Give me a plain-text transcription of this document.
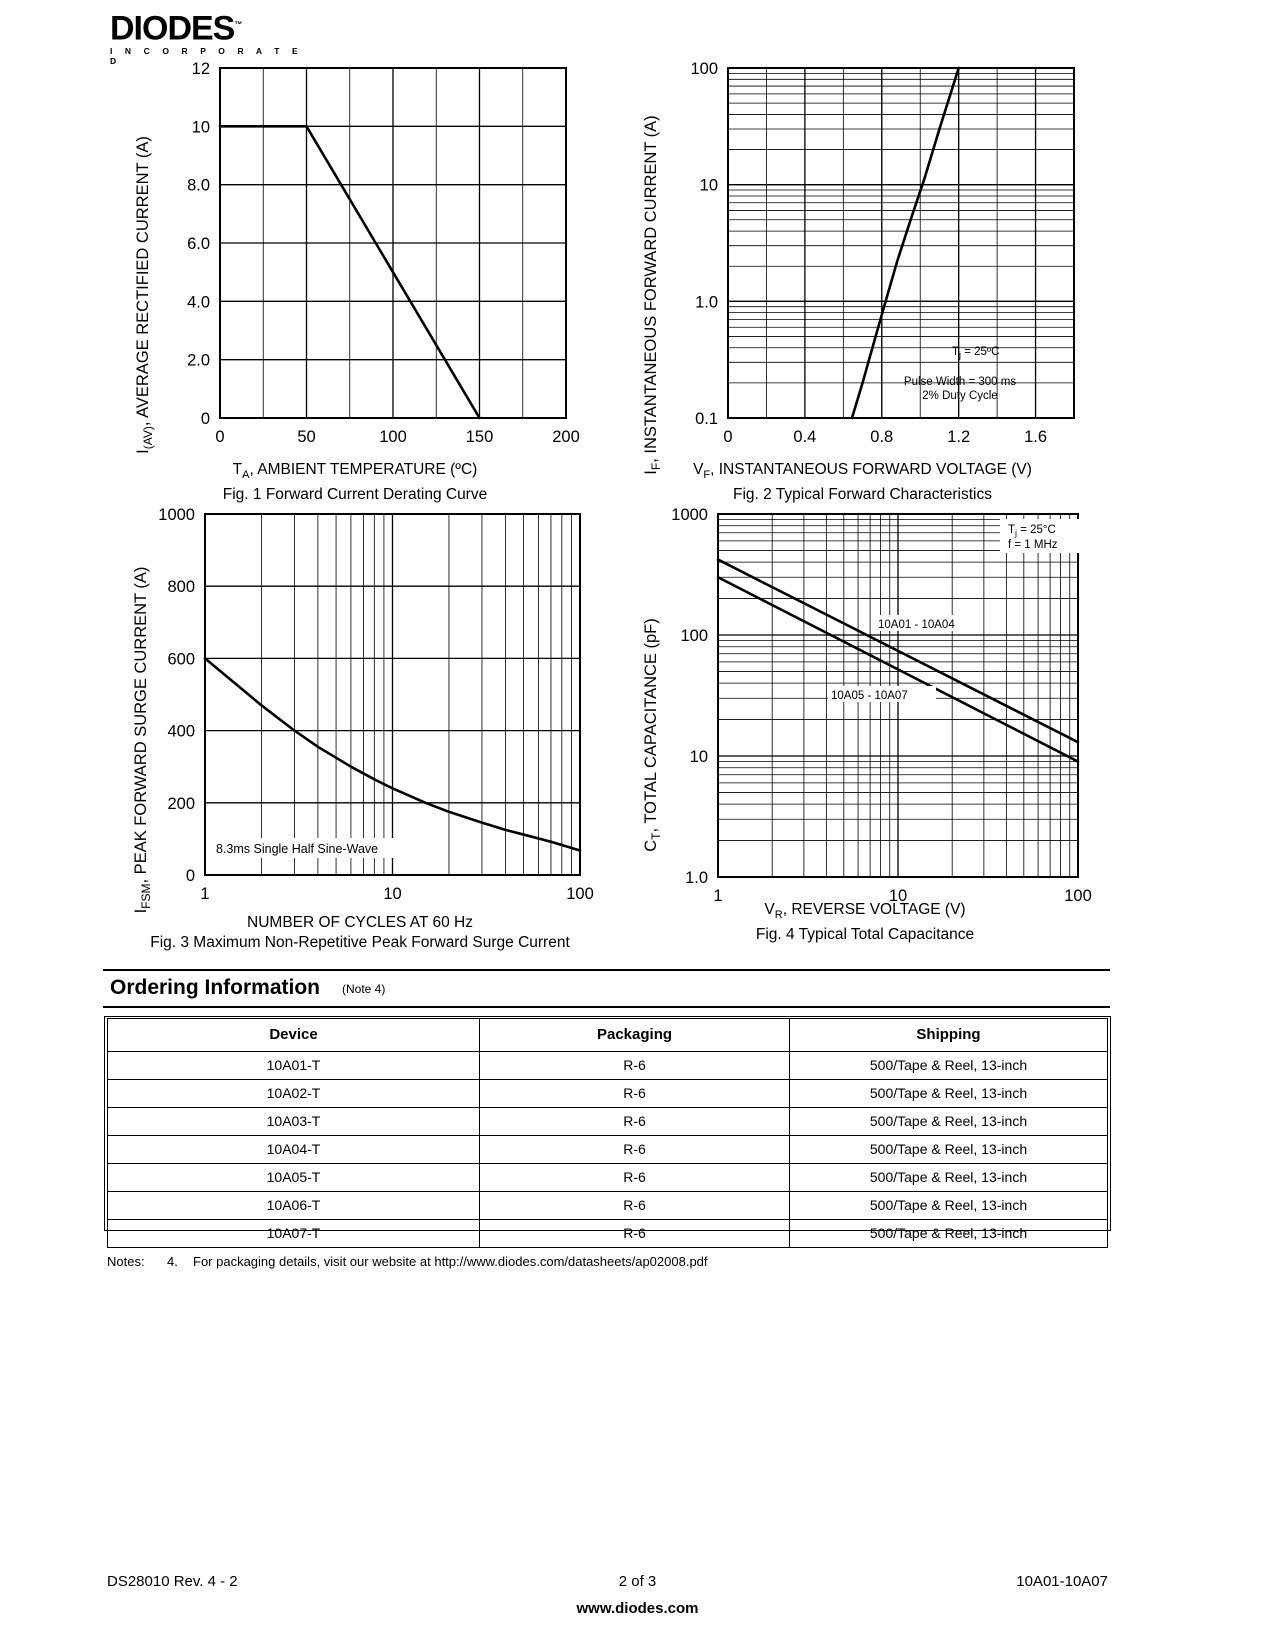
DIODES™
I N C O R P O R A T E D
I(AV), AVERAGE RECTIFIED CURRENT (A)
0	50	100	150	200
0
2.0
4.0
6.0
8.0
10
12
$T_A$, AMBIENT TEMPERATURE (ºC)
Fig. 1 Forward Current Derating Curve
IF, INSTANTANEOUS FORWARD CURRENT (A)	0	0.4	0.8	1.2	1.6
0.1
1.0
10
100
Tj = 25ºC
Pulse Width = 300 ms
2% Duty Cycle
$V_F$, INSTANTANEOUS FORWARD VOLTAGE (V)
Fig. 2 Typical Forward Characteristics
IFSM, PEAK FORWARD SURGE CURRENT (A)
1	10	100
0
200
400
600
800
1000
8.3ms Single Half Sine-Wave
NUMBER OF CYCLES AT 60 Hz
Fig. 3 Maximum Non-Repetitive Peak Forward Surge Current
CT, TOTAL CAPACITANCE (pF)
1	10	100
1.0
10
100
1000
Tj = 25°C
f = 1 MHz
10A01 - 10A04
10A05 - 10A07
$V_R$, REVERSE VOLTAGE (V)
Fig. 4 Typical Total Capacitance
Ordering Information (Note 4)
Device	Packaging	Shipping
10A01-T	R-6	500/Tape & Reel, 13-inch
10A02-T	R-6	500/Tape & Reel, 13-inch
10A03-T	R-6	500/Tape & Reel, 13-inch
10A04-T	R-6	500/Tape & Reel, 13-inch
10A05-T	R-6	500/Tape & Reel, 13-inch
10A06-T	R-6	500/Tape & Reel, 13-inch
10A07-T	R-6	500/Tape & Reel, 13-inch
Notes: 4. For packaging details, visit our website at http://www.diodes.com/datasheets/ap02008.pdf
DS28010 Rev. 4 - 2	2 of 3	10A01-10A07
www.diodes.com
